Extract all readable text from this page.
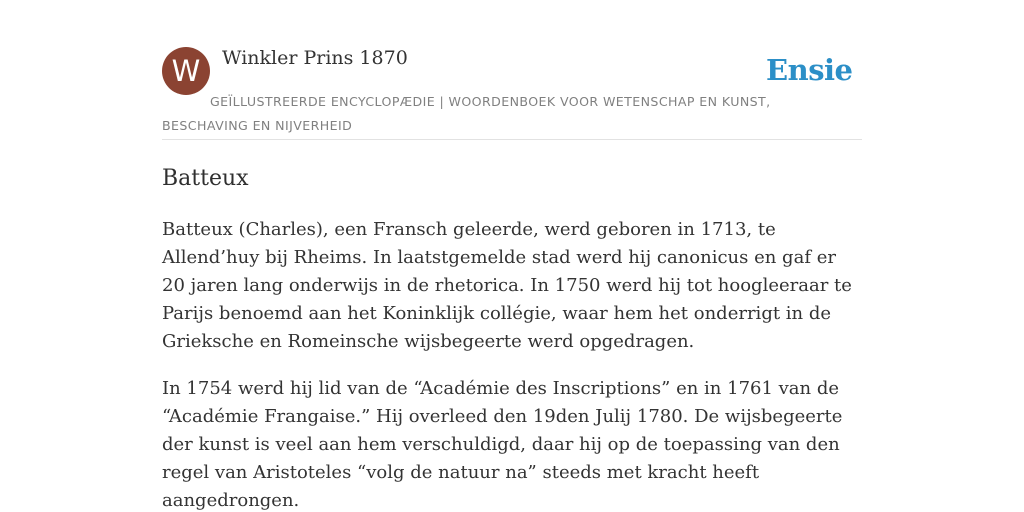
W	Winkler Prins 1870	Ensie
GEÏLLUSTREERDE ENCYCLOPÆDIE | WOORDENBOEK VOOR WETENSCHAP EN KUNST, BESCHAVING EN NIJVERHEID
Batteux

Batteux (Charles), een Fransch geleerde, werd geboren in 1713, te Allend’huy bij Rheims. In laatstgemelde stad werd hij canonicus en gaf er 20 jaren lang onderwijs in de rhetorica. In 1750 werd hij tot hoogleeraar te Parijs benoemd aan het Koninklijk collégie, waar hem het onderrigt in de Grieksche en Romeinsche wijsbegeerte werd opgedragen.

In 1754 werd hij lid van de “Académie des Inscriptions” en in 1761 van de “Académie Frangaise.” Hij overleed den 19den Julij 1780. De wijsbegeerte der kunst is veel aan hem verschuldigd, daar hij op de toepassing van den regel van Aristoteles “volg de natuur na” steeds met kracht heeft aangedrongen.
